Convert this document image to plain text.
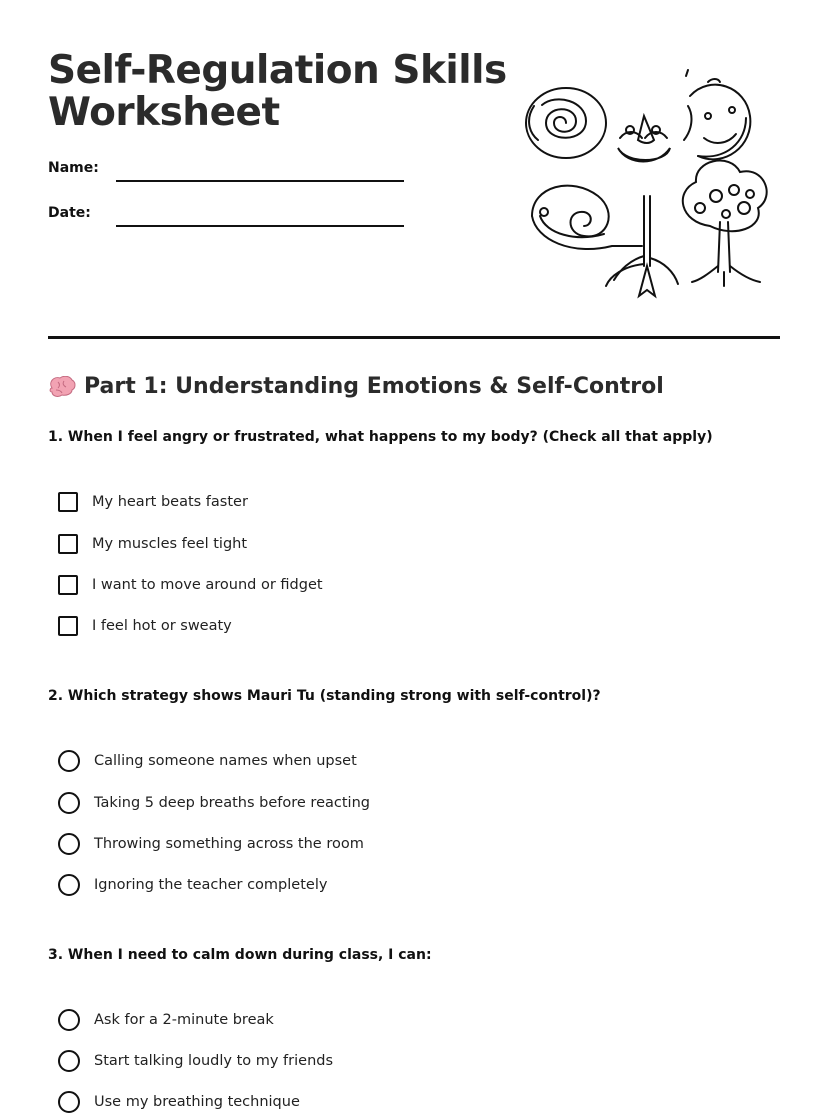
Self-Regulation Skills
Worksheet
Name:
Date:
Part 1: Understanding Emotions & Self-Control

1. When I feel angry or frustrated, what happens to my body? (Check all that apply)

My heart beats faster
My muscles feel tight
I want to move around or fidget
I feel hot or sweaty

2. Which strategy shows Mauri Tu (standing strong with self-control)?

Calling someone names when upset
Taking 5 deep breaths before reacting
Throwing something across the room
Ignoring the teacher completely

3. When I need to calm down during class, I can:

Ask for a 2-minute break
Start talking loudly to my friends
Use my breathing technique
